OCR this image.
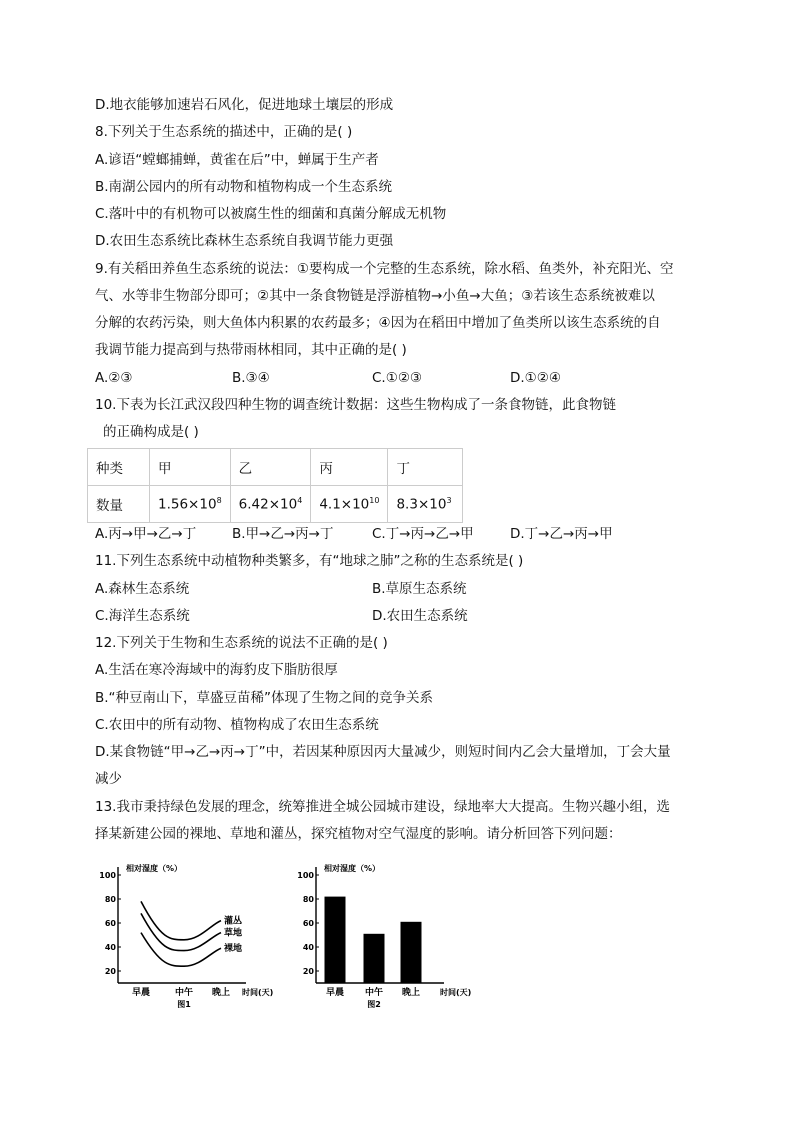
D.地衣能够加速岩石风化，促进地球土壤层的形成
8.下列关于生态系统的描述中，正确的是( )
A.谚语“螳螂捕蝉，黄雀在后”中，蝉属于生产者
B.南湖公园内的所有动物和植物构成一个生态系统
C.落叶中的有机物可以被腐生性的细菌和真菌分解成无机物
D.农田生态系统比森林生态系统自我调节能力更强
9.有关稻田养鱼生态系统的说法：①要构成一个完整的生态系统，除水稻、鱼类外，补充阳光、空
气、水等非生物部分即可；②其中一条食物链是浮游植物→小鱼→大鱼；③若该生态系统被难以
分解的农药污染，则大鱼体内积累的农药最多；④因为在稻田中增加了鱼类所以该生态系统的自
我调节能力提高到与热带雨林相同，其中正确的是( )
A.②③	B.③④	C.①②③	D.①②④
10.下表为长江武汉段四种生物的调查统计数据：这些生物构成了一条食物链，此食物链
的正确构成是( )
种类	甲	乙	丙	丁
数量	$1.56\times 10^8$	$6.42\times 10^4$	$4.1\times 10^{10}$	$8.3\times 10^3$
A.丙→甲→乙→丁	B.甲→乙→丙→丁	C.丁→丙→乙→甲	D.丁→乙→丙→甲
11.下列生态系统中动植物种类繁多，有“地球之肺”之称的生态系统是( )
A.森林生态系统	B.草原生态系统
C.海洋生态系统	D.农田生态系统
12.下列关于生物和生态系统的说法不正确的是( )
A.生活在寒冷海域中的海豹皮下脂肪很厚
B.“种豆南山下，草盛豆苗稀”体现了生物之间的竞争关系
C.农田中的所有动物、植物构成了农田生态系统
D.某食物链“甲→乙→丙→丁”中，若因某种原因丙大量减少，则短时间内乙会大量增加，丁会大量
减少
13.我市秉持绿色发展的理念，统筹推进全城公园城市建设，绿地率大大提高。生物兴趣小组，选
择某新建公园的裸地、草地和灌丛，探究植物对空气湿度的影响。请分析回答下列问题：
20
40
60
80
100
相对湿度（%）
早晨	中午 晚上 时间(天)
图1
灌丛
草地
裸地
20
40
60
80
100
相对湿度（%）
早晨 中午 晚上 时间(天)
图2
